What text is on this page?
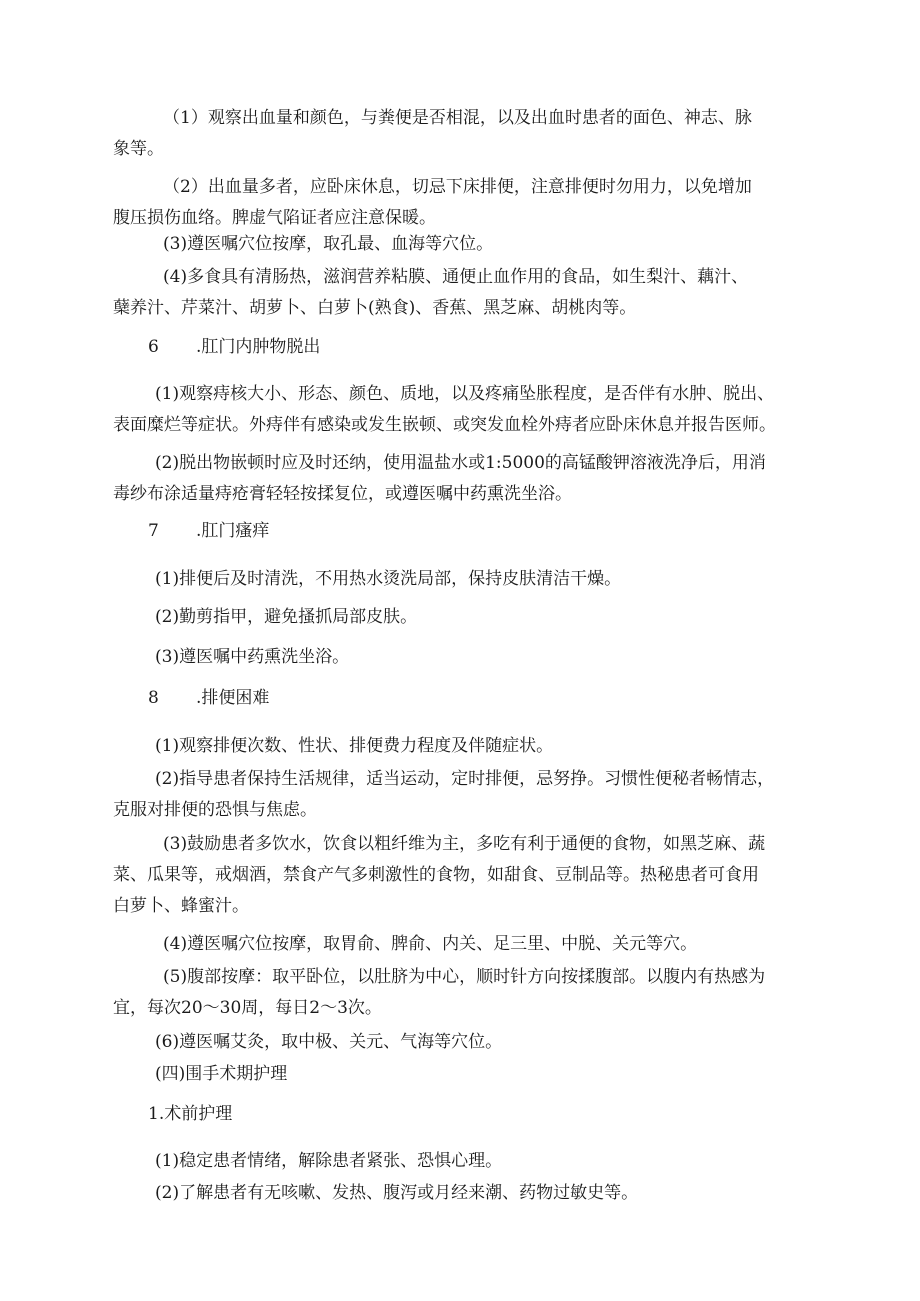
（1）观察出血量和颜色，与粪便是否相混，以及出血时患者的面色、神志、脉
象等。
（2）出血量多者，应卧床休息，切忌下床排便，注意排便时勿用力，以免增加
腹压损伤血络。脾虚气陷证者应注意保暖。
(3)遵医嘱穴位按摩，取孔最、血海等穴位。
(4)多食具有清肠热，滋润营养粘膜、通便止血作用的食品，如生梨汁、藕汁、
蘖养汁、芹菜汁、胡萝卜、白萝卜(熟食)、香蕉、黑芝麻、胡桃肉等。
6 .肛门内肿物脱出
(1)观察痔核大小、形态、颜色、质地，以及疼痛坠胀程度，是否伴有水肿、脱出、
表面糜烂等症状。外痔伴有感染或发生嵌顿、或突发血栓外痔者应卧床休息并报告医师。
(2)脱出物嵌顿时应及时还纳，使用温盐水或1:5000的高锰酸钾溶液洗净后，用消
毒纱布涂适量痔疮膏轻轻按揉复位，或遵医嘱中药熏洗坐浴。
7 .肛门瘙痒
(1)排便后及时清洗，不用热水烫洗局部，保持皮肤清洁干燥。
(2)勤剪指甲，避免搔抓局部皮肤。
(3)遵医嘱中药熏洗坐浴。
8 .排便困难
(1)观察排便次数、性状、排便费力程度及伴随症状。
(2)指导患者保持生活规律，适当运动，定时排便，忌努挣。习惯性便秘者畅情志，
克服对排便的恐惧与焦虑。
(3)鼓励患者多饮水，饮食以粗纤维为主，多吃有利于通便的食物，如黑芝麻、蔬
菜、瓜果等，戒烟酒，禁食产气多刺激性的食物，如甜食、豆制品等。热秘患者可食用
白萝卜、蜂蜜汁。
(4)遵医嘱穴位按摩，取胃俞、脾俞、内关、足三里、中脱、关元等穴。
(5)腹部按摩：取平卧位，以肚脐为中心，顺时针方向按揉腹部。以腹内有热感为
宜，每次20～30周，每日2～3次。
(6)遵医嘱艾灸，取中极、关元、气海等穴位。
(四)围手术期护理
1.术前护理
(1)稳定患者情绪，解除患者紧张、恐惧心理。
(2)了解患者有无咳嗽、发热、腹泻或月经来潮、药物过敏史等。
